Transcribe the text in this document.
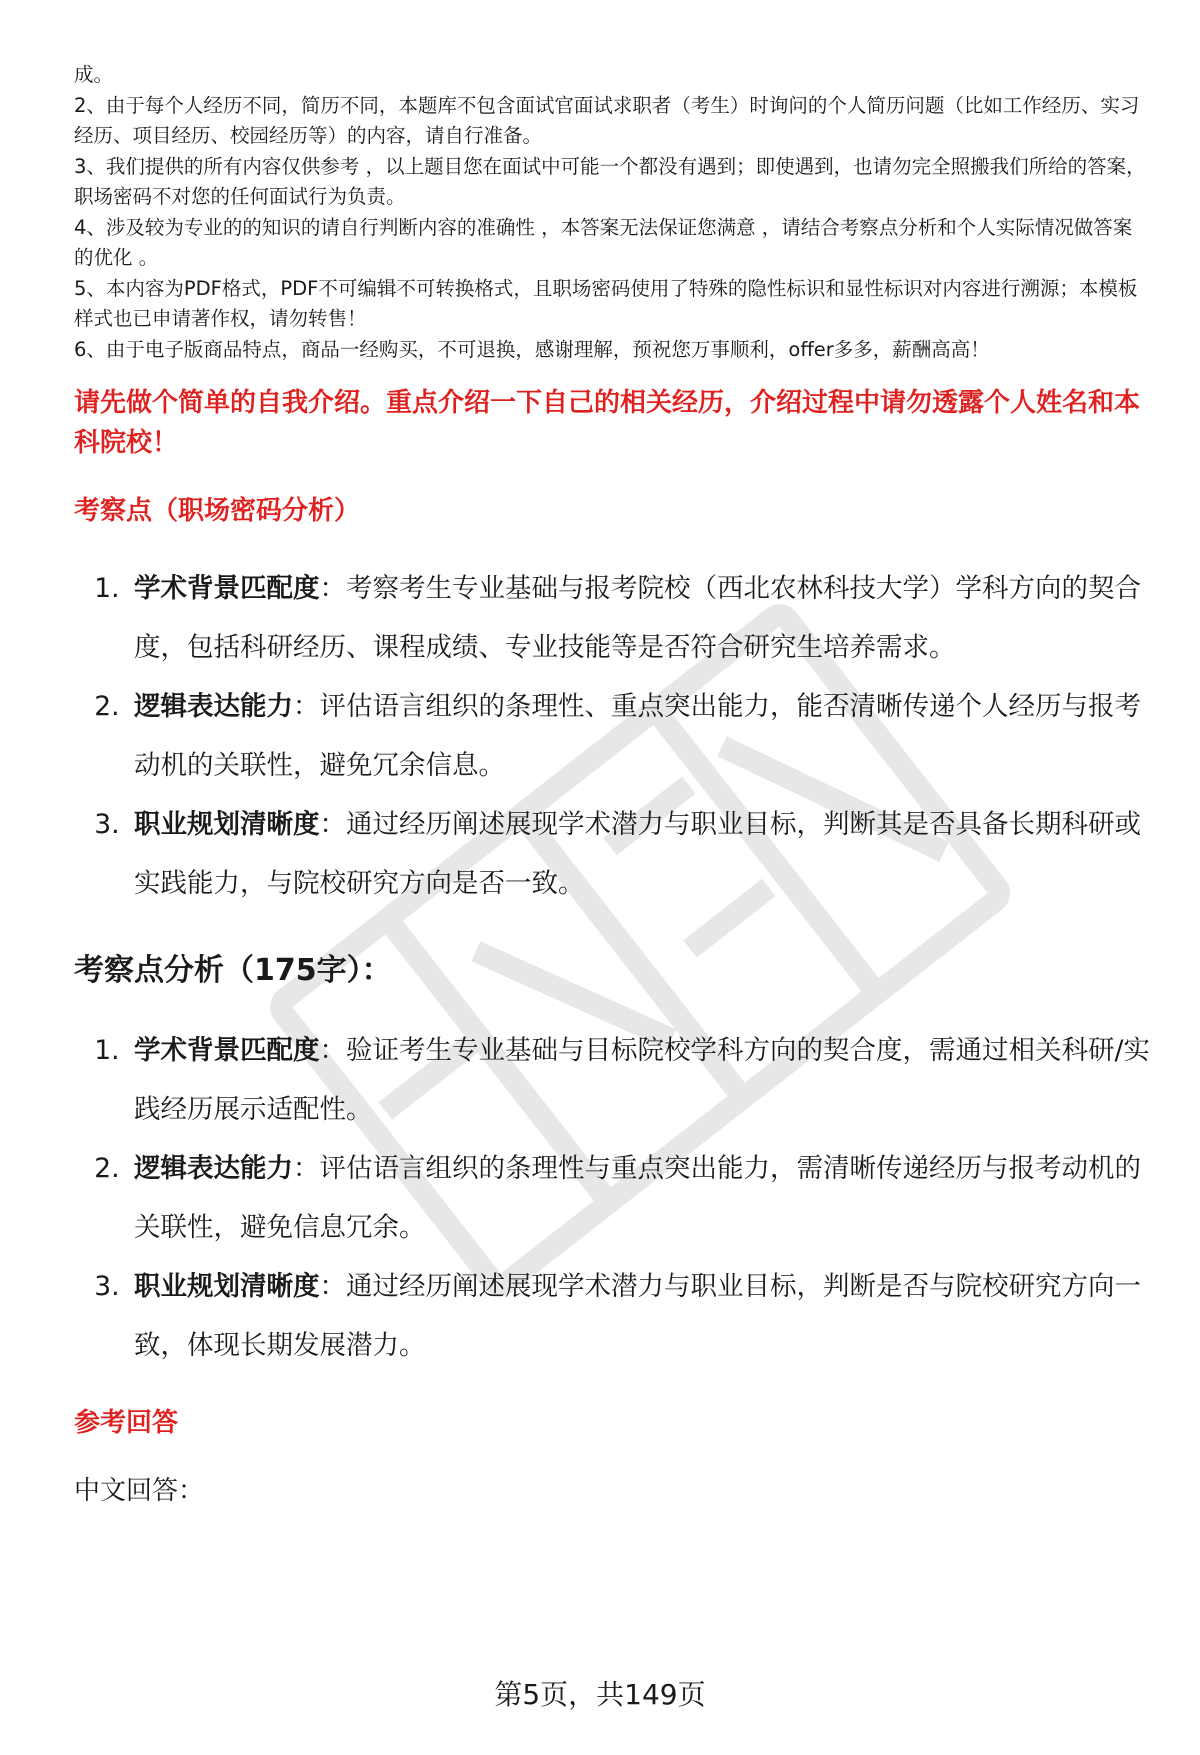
成。

2、由于每个人经历不同，简历不同，本题库不包含面试官面试求职者（考生）时询问的个人简历问题（比如工作经历、实习经历、项目经历、校园经历等）的内容，请自行准备。

3、我们提供的所有内容仅供参考 ，以上题目您在面试中可能一个都没有遇到；即使遇到，也请勿完全照搬我们所给的答案，职场密码不对您的任何面试行为负责。

4、涉及较为专业的的知识的请自行判断内容的准确性 ，本答案无法保证您满意 ，请结合考察点分析和个人实际情况做答案的优化 。

5、本内容为PDF格式，PDF不可编辑不可转换格式，且职场密码使用了特殊的隐性标识和显性标识对内容进行溯源；本模板样式也已申请著作权，请勿转售！

6、由于电子版商品特点，商品一经购买，不可退换，感谢理解，预祝您万事顺利，offer多多，薪酬高高！

请先做个简单的自我介绍。重点介绍一下自己的相关经历，介绍过程中请勿透露个人姓名和本科院校！

考察点（职场密码分析）

1. 学术背景匹配度：考察考生专业基础与报考院校（西北农林科技大学）学科方向的契合度，包括科研经历、课程成绩、专业技能等是否符合研究生培养需求。
2. 逻辑表达能力：评估语言组织的条理性、重点突出能力，能否清晰传递个人经历与报考动机的关联性，避免冗余信息。
3. 职业规划清晰度：通过经历阐述展现学术潜力与职业目标，判断其是否具备长期科研或实践能力，与院校研究方向是否一致。

考察点分析（175字）：

1. 学术背景匹配度：验证考生专业基础与目标院校学科方向的契合度，需通过相关科研/实践经历展示适配性。
2. 逻辑表达能力：评估语言组织的条理性与重点突出能力，需清晰传递经历与报考动机的关联性，避免信息冗余。
3. 职业规划清晰度：通过经历阐述展现学术潜力与职业目标，判断是否与院校研究方向一致，体现长期发展潜力。

参考回答

中文回答：

第5页，共149页
